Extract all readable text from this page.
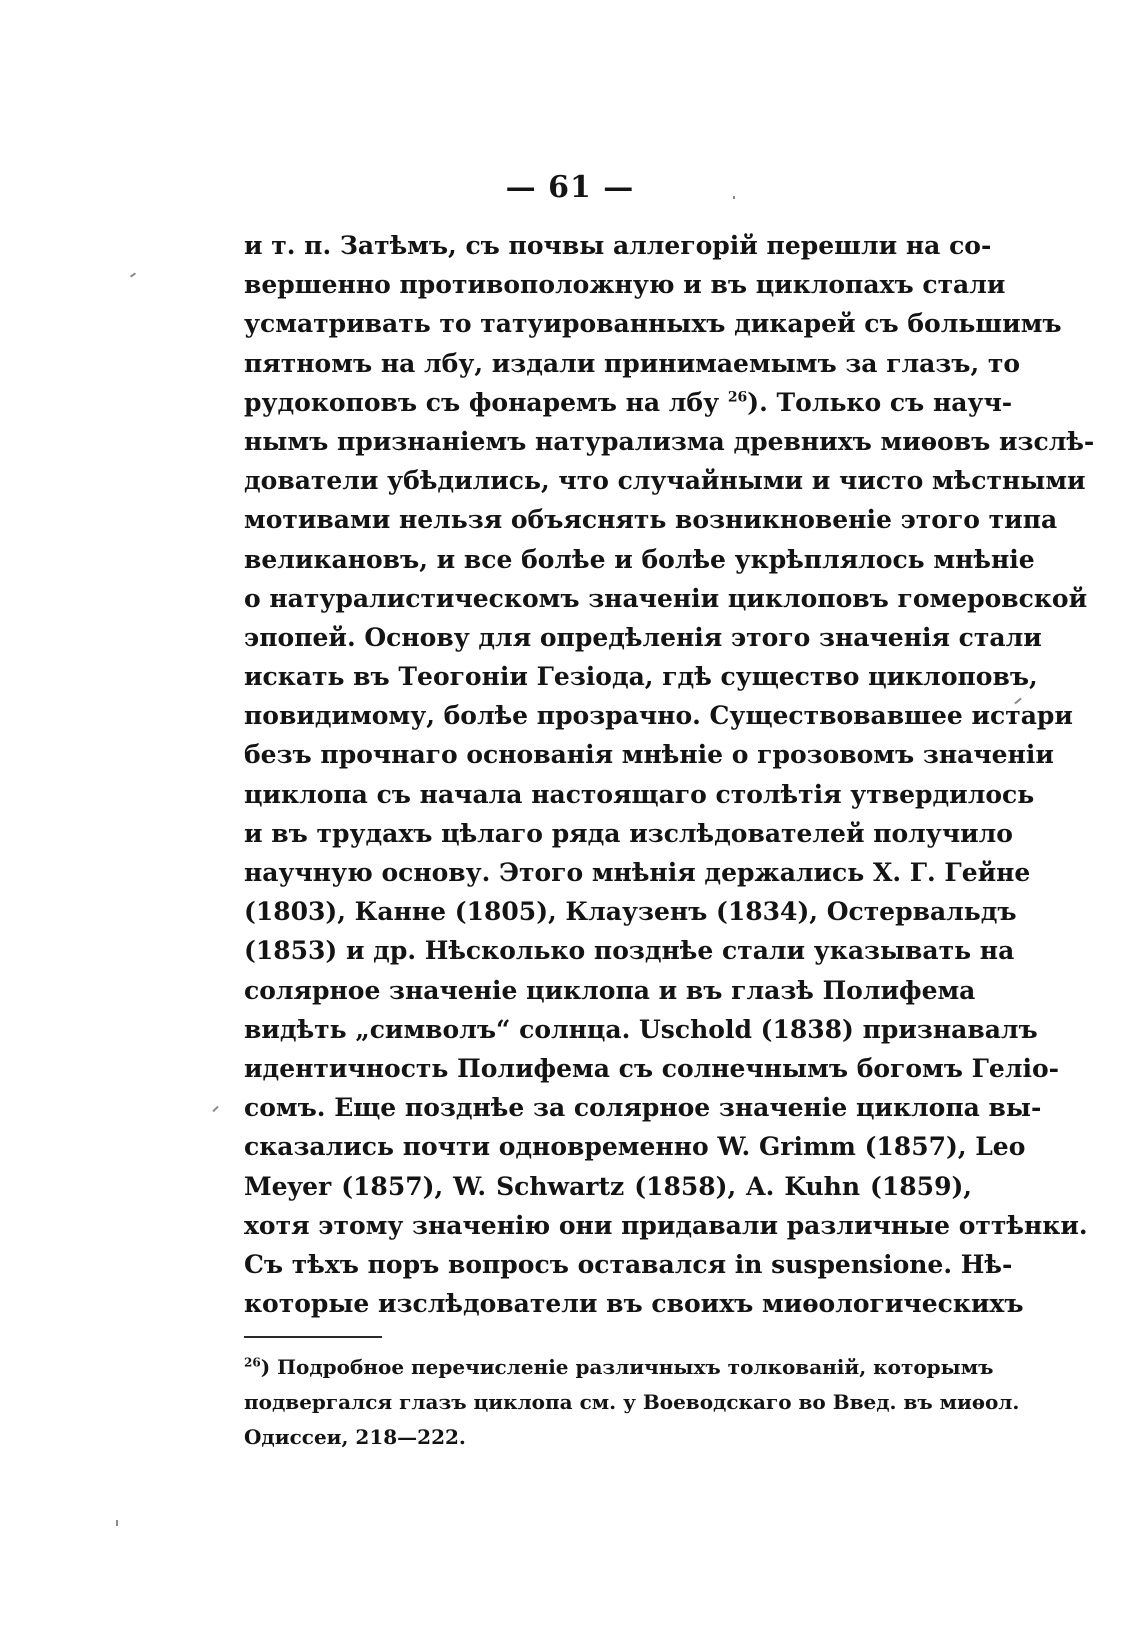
— 61 —
и т. п. Затѣмъ, съ почвы аллегорій перешли на со-
вершенно противоположную и въ циклопахъ стали
усматривать то татуированныхъ дикарей съ большимъ
пятномъ на лбу, издали принимаемымъ за глазъ, то
рудокоповъ съ фонаремъ на лбу $^{26}$). Только съ науч-
нымъ признаніемъ натурализма древнихъ миѳовъ изслѣ-
дователи убѣдились, что случайными и чисто мѣстными
мотивами нельзя объяснять возникновеніе этого типа
великановъ, и все болѣе и болѣе укрѣплялось мнѣніе
о натуралистическомъ значеніи циклоповъ гомеровской
эпопей. Основу для опредѣленія этого значенія стали
искать въ Теогоніи Гезіода, гдѣ существо циклоповъ,
повидимому, болѣе прозрачно. Существовавшее истари
безъ прочнаго основанія мнѣніе о грозовомъ значеніи
циклопа съ начала настоящаго столѣтія утвердилось
и въ трудахъ цѣлаго ряда изслѣдователей получило
научную основу. Этого мнѣнія держались Х. Г. Гейне
(1803), Канне (1805), Клаузенъ (1834), Остервальдъ
(1853) и др. Нѣсколько позднѣе стали указывать на
солярное значеніе циклопа и въ глазѣ Полифема
видѣть „символъ“ солнца. Uschold (1838) признавалъ
идентичность Полифема съ солнечнымъ богомъ Геліо-
сомъ. Еще позднѣе за солярное значеніе циклопа вы-
сказались почти одновременно W. Grimm (1857), Leo
Meyer (1857), W. Schwartz (1858), A. Kuhn (1859),
хотя этому значенію они придавали различные оттѣнки.
Съ тѣхъ поръ вопросъ оставался in suspensione. Нѣ-
которые изслѣдователи въ своихъ миѳологическихъ
$^{26}$) Подробное перечисленіе различныхъ толкованій, которымъ
подвергался глазъ циклопа см. у Воеводскаго во Введ. въ миѳол.
Одиссеи, 218—222.
